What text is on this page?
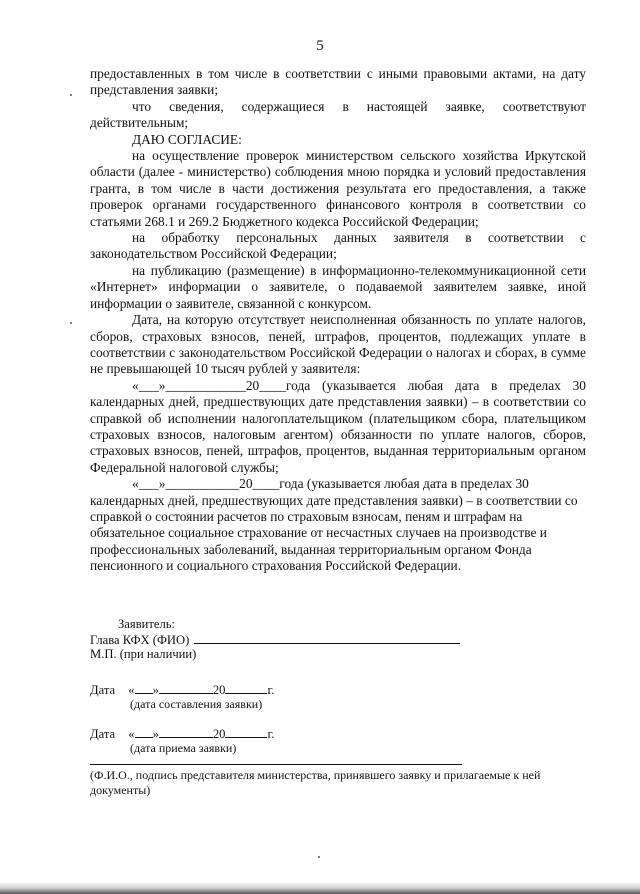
5

предоставленных в том числе в соответствии с иными правовыми актами, на дату представления заявки;

что сведения, содержащиеся в настоящей заявке, соответствуют действительным;

ДАЮ СОГЛАСИЕ:

на осуществление проверок министерством сельского хозяйства Иркутской области (далее - министерство) соблюдения мною порядка и условий предоставления гранта, в том числе в части достижения результата его предоставления, а также проверок органами государственного финансового контроля в соответствии со статьями 268.1 и 269.2 Бюджетного кодекса Российской Федерации;

на обработку персональных данных заявителя в соответствии с законодательством Российской Федерации;

на публикацию (размещение) в информационно-телекоммуникационной сети «Интернет» информации о заявителе, о подаваемой заявителем заявке, иной информации о заявителе, связанной с конкурсом.

Дата, на которую отсутствует неисполненная обязанность по уплате налогов, сборов, страховых взносов, пеней, штрафов, процентов, подлежащих уплате в соответствии с законодательством Российской Федерации о налогах и сборах, в сумме не превышающей 10 тысяч рублей у заявителя:

«___»____________20____года (указывается любая дата в пределах 30 календарных дней, предшествующих дате представления заявки) – в соответствии со справкой об исполнении налогоплательщиком (плательщиком сбора, плательщиком страховых взносов, налоговым агентом) обязанности по уплате налогов, сборов, страховых взносов, пеней, штрафов, процентов, выданная территориальным органом Федеральной налоговой службы;

«___»___________20____года (указывается любая дата в пределах 30 календарных дней, предшествующих дате представления заявки) – в соответствии со справкой о состоянии расчетов по страховым взносам, пеням и штрафам на обязательное социальное страхование от несчастных случаев на производстве и профессиональных заболеваний, выданная территориальным органом Фонда пенсионного и социального страхования Российской Федерации.

Заявитель:
Глава КФХ (ФИО)
М.П. (при наличии)
Дата « »	20	г.
(дата составления заявки)
Дата « »	20	г.
(дата приема заявки)
(Ф.И.О., подпись представителя министерства, принявшего заявку и прилагаемые к ней документы)
